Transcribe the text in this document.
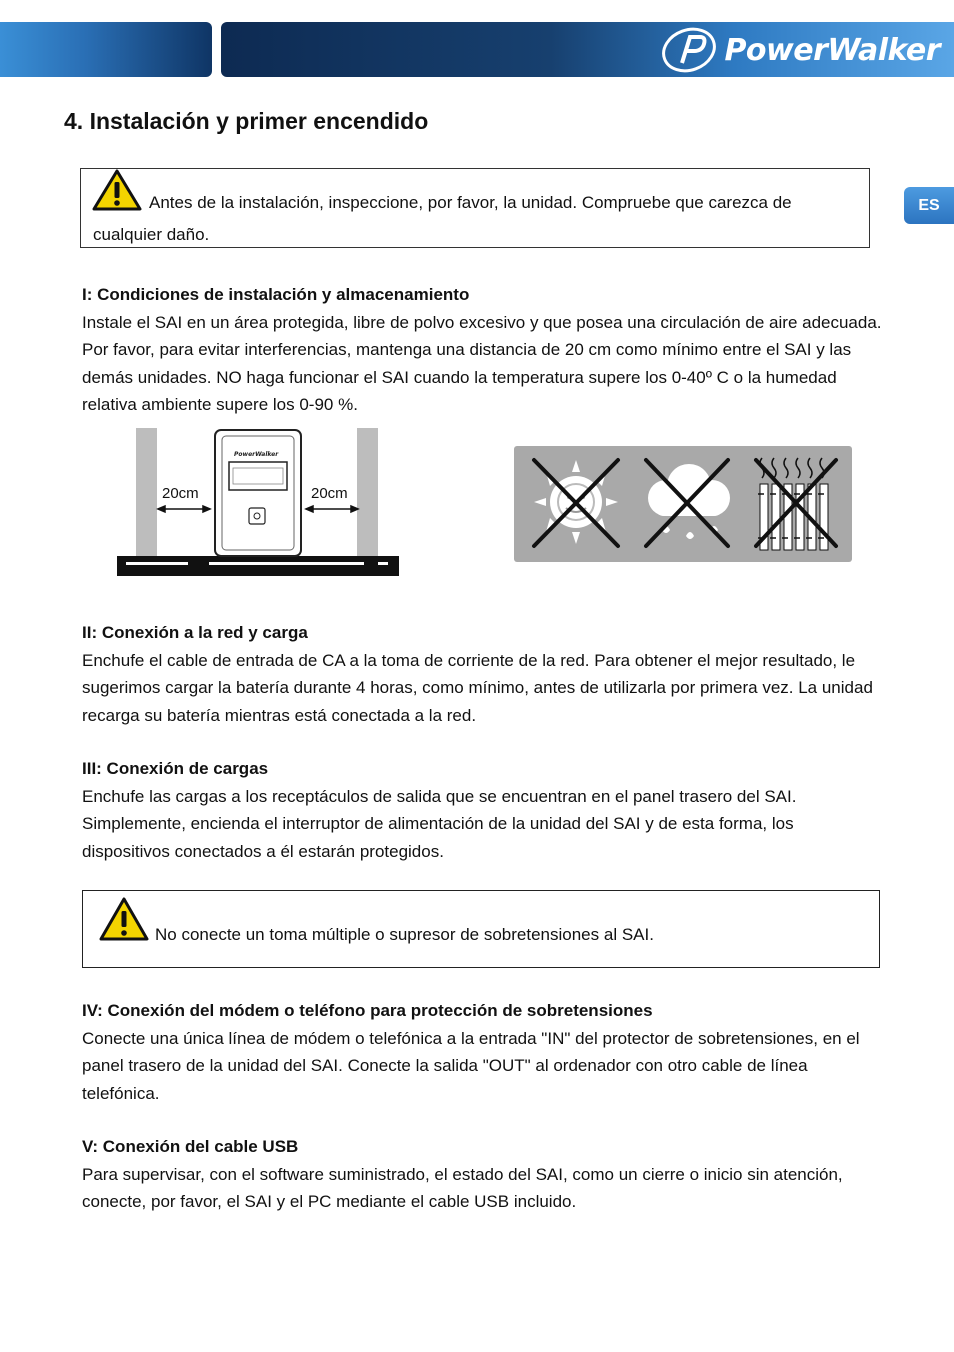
PowerWalker
ES
4. Instalación y primer encendido
Antes de la instalación, inspeccione, por favor, la unidad. Compruebe que carezca de cualquier daño.
I: Condiciones de instalación y almacenamiento
Instale el SAI en un área protegida, libre de polvo excesivo y que posea una circulación de aire adecuada. Por favor, para evitar interferencias, mantenga una distancia de 20 cm como mínimo entre el SAI y las demás unidades. NO haga funcionar el SAI cuando la temperatura supere los 0-40º C o la humedad relativa ambiente supere los 0-90 %.
PowerWalker
20cm	20cm
II: Conexión a la red y carga
Enchufe el cable de entrada de CA a la toma de corriente de la red. Para obtener el mejor resultado, le sugerimos cargar la batería durante 4 horas, como mínimo, antes de utilizarla por primera vez. La unidad recarga su batería mientras está conectada a la red.
III: Conexión de cargas
Enchufe las cargas a los receptáculos de salida que se encuentran en el panel trasero del SAI. Simplemente, encienda el interruptor de alimentación de la unidad del SAI y de esta forma, los dispositivos conectados a él estarán protegidos.
No conecte un toma múltiple o supresor de sobretensiones al SAI.
IV: Conexión del módem o teléfono para protección de sobretensiones
Conecte una única línea de módem o telefónica a la entrada "IN" del protector de sobretensiones, en el panel trasero de la unidad del SAI. Conecte la salida "OUT" al ordenador con otro cable de línea telefónica.
V: Conexión del cable USB
Para supervisar, con el software suministrado, el estado del SAI, como un cierre o inicio sin atención, conecte, por favor, el SAI y el PC mediante el cable USB incluido.
